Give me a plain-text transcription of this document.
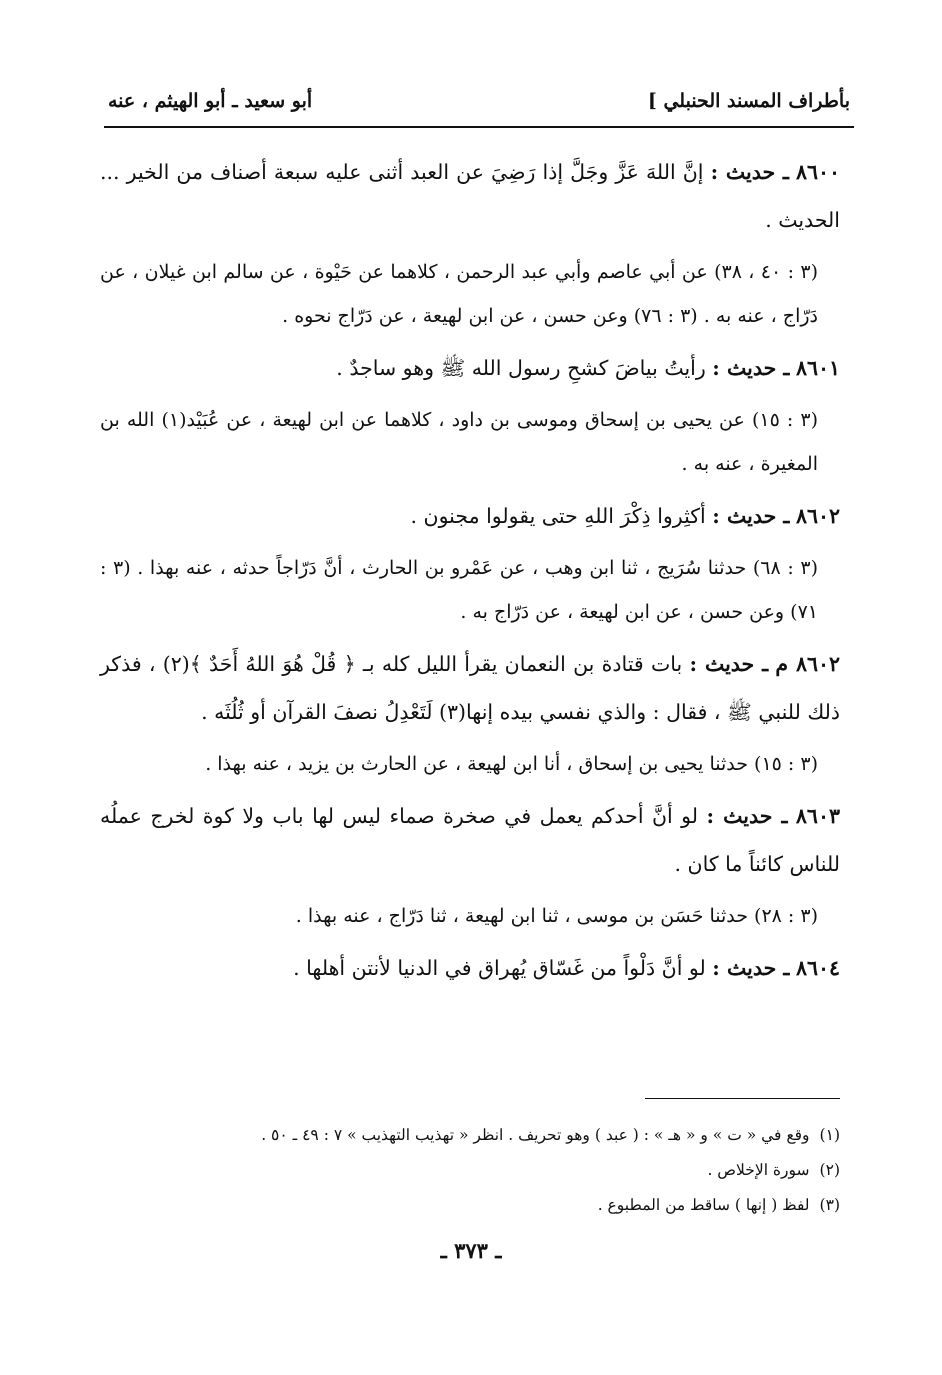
بأطراف المسند الحنبلي ]
أبو سعيد ـ أبو الهيثم ، عنه
٨٦٠٠ ـ حديث : إنَّ اللهَ عَزَّ وجَلَّ إذا رَضِيَ عن العبد أثنى عليه سبعة أصناف من الخير ... الحديث .
(٣ : ٤٠ ، ٣٨) عن أبي عاصم وأبي عبد الرحمن ، كلاهما عن حَيْوة ، عن سالم ابن غيلان ، عن دَرّاج ، عنه به . (٣ : ٧٦) وعن حسن ، عن ابن لهيعة ، عن دَرّاج نحوه .
٨٦٠١ ـ حديث : رأيتُ بياضَ كشحِ رسول الله ﷺ وهو ساجدٌ .
(٣ : ١٥) عن يحيى بن إسحاق وموسى بن داود ، كلاهما عن ابن لهيعة ، عن عُبَيْد(١) الله بن المغيرة ، عنه به .
٨٦٠٢ ـ حديث : أكثِروا ذِكْرَ اللهِ حتى يقولوا مجنون .
(٣ : ٦٨) حدثنا سُرَيج ، ثنا ابن وهب ، عن عَمْرو بن الحارث ، أنَّ دَرّاجاً حدثه ، عنه بهذا . (٣ : ٧١) وعن حسن ، عن ابن لهيعة ، عن دَرّاج به .
٨٦٠٢ م ـ حديث : بات قتادة بن النعمان يقرأ الليل كله بـ ﴿ قُلْ هُوَ اللهُ أَحَدٌ ﴾(٢) ، فذكر ذلك للنبي ﷺ ، فقال : والذي نفسي بيده إنها(٣) لَتَعْدِلُ نصفَ القرآن أو ثُلُثَه .
(٣ : ١٥) حدثنا يحيى بن إسحاق ، أنا ابن لهيعة ، عن الحارث بن يزيد ، عنه بهذا .
٨٦٠٣ ـ حديث : لو أنَّ أحدكم يعمل في صخرة صماء ليس لها باب ولا كوة لخرج عملُه للناس كائناً ما كان .
(٣ : ٢٨) حدثنا حَسَن بن موسى ، ثنا ابن لهيعة ، ثنا دَرّاج ، عنه بهذا .
٨٦٠٤ ـ حديث : لو أنَّ دَلْواً من غَسّاق يُهراق في الدنيا لأنتن أهلها .
(١)وقع في « ت » و « هـ » : ( عبد ) وهو تحريف . انظر « تهذيب التهذيب » ٧ : ٤٩ ـ ٥٠ .
(٢)سورة الإخلاص .
(٣)لفظ ( إنها ) ساقط من المطبوع .
ـ ٣٧٣ ـ
